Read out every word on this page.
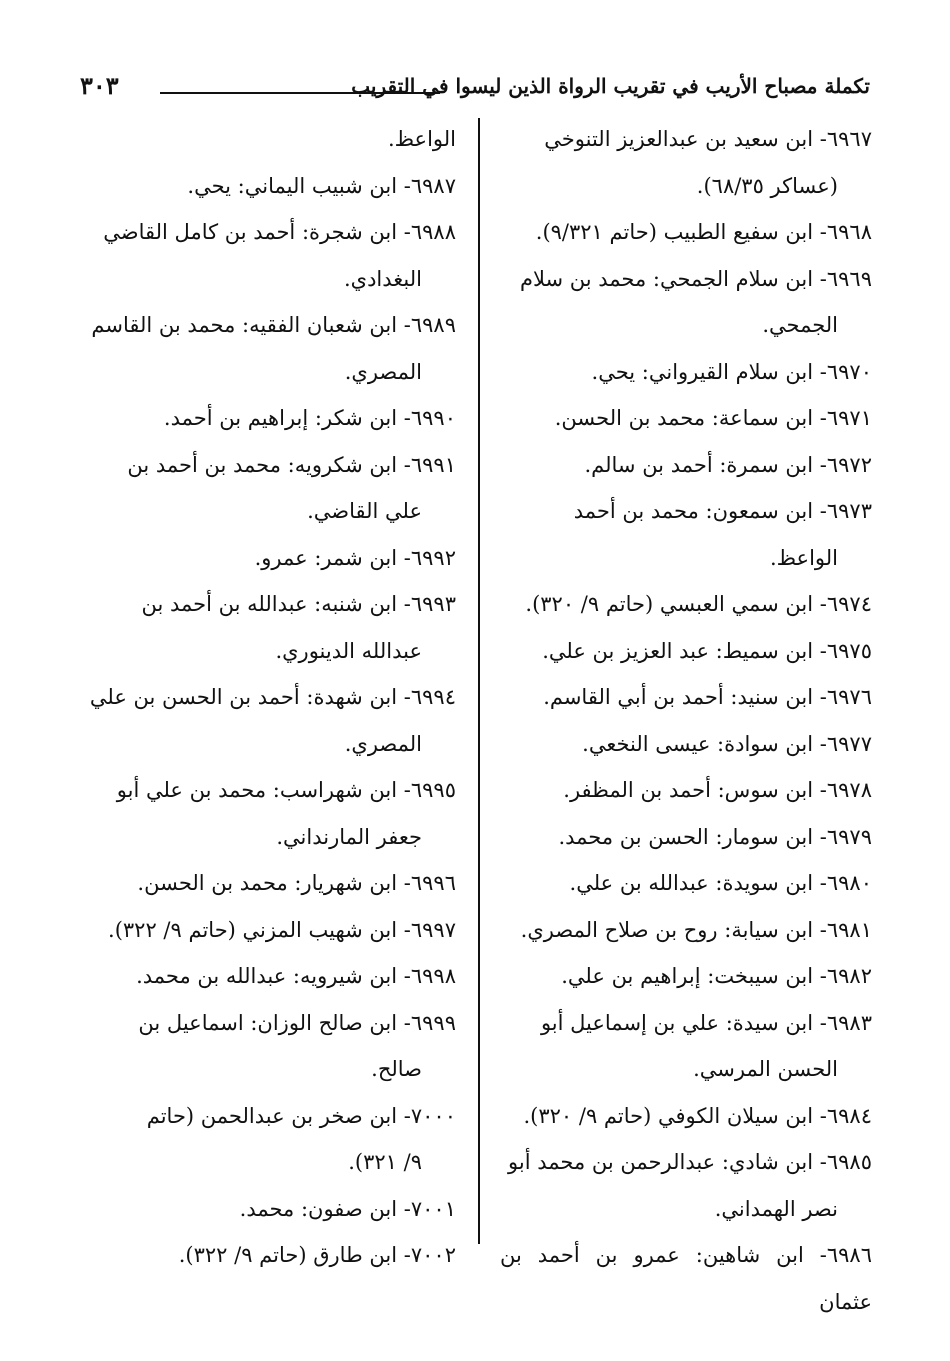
تكملة مصباح الأريب في تقريب الرواة الذين ليسوا في التقريب
٣٠٣
٦٩٦٧- ابن سعيد بن عبدالعزيز التنوخي
(عساكر ٦٨/٣٥).
٦٩٦٨- ابن سفيع الطبيب (حاتم ٩/٣٢١).
٦٩٦٩- ابن سلام الجمحي: محمد بن سلام
الجمحي.
٦٩٧٠- ابن سلام القيرواني: يحي.
٦٩٧١- ابن سماعة: محمد بن الحسن.
٦٩٧٢- ابن سمرة: أحمد بن سالم.
٦٩٧٣- ابن سمعون: محمد بن أحمد
الواعظ.
٦٩٧٤- ابن سمي العبسي (حاتم ٩/ ٣٢٠).
٦٩٧٥- ابن سميط: عبد العزيز بن علي.
٦٩٧٦- ابن سنيد: أحمد بن أبي القاسم.
٦٩٧٧- ابن سوادة: عيسى النخعي.
٦٩٧٨- ابن سوس: أحمد بن المظفر.
٦٩٧٩- ابن سومار: الحسن بن محمد.
٦٩٨٠- ابن سويدة: عبدالله بن علي.
٦٩٨١- ابن سيابة: روح بن صلاح المصري.
٦٩٨٢- ابن سيبخت: إبراهيم بن علي.
٦٩٨٣- ابن سيدة: علي بن إسماعيل أبو
الحسن المرسي.
٦٩٨٤- ابن سيلان الكوفي (حاتم ٩/ ٣٢٠).
٦٩٨٥- ابن شادي: عبدالرحمن بن محمد أبو
نصر الهمداني.
٦٩٨٦- ابن شاهين: عمرو بن أحمد بن عثمان
الواعظ.
٦٩٨٧- ابن شبيب اليماني: يحي.
٦٩٨٨- ابن شجرة: أحمد بن كامل القاضي
البغدادي.
٦٩٨٩- ابن شعبان الفقيه: محمد بن القاسم
المصري.
٦٩٩٠- ابن شكر: إبراهيم بن أحمد.
٦٩٩١- ابن شكرويه: محمد بن أحمد بن
علي القاضي.
٦٩٩٢- ابن شمر: عمرو.
٦٩٩٣- ابن شنبه: عبدالله بن أحمد بن
عبدالله الدينوري.
٦٩٩٤- ابن شهدة: أحمد بن الحسن بن علي
المصري.
٦٩٩٥- ابن شهراسب: محمد بن علي أبو
جعفر المارنداني.
٦٩٩٦- ابن شهريار: محمد بن الحسن.
٦٩٩٧- ابن شهيب المزني (حاتم ٩/ ٣٢٢).
٦٩٩٨- ابن شيرويه: عبدالله بن محمد.
٦٩٩٩- ابن صالح الوزان: اسماعيل بن
صالح.
٧٠٠٠- ابن صخر بن عبدالحمن (حاتم
٩/ ٣٢١).
٧٠٠١- ابن صفون: محمد.
٧٠٠٢- ابن طارق (حاتم ٩/ ٣٢٢).
